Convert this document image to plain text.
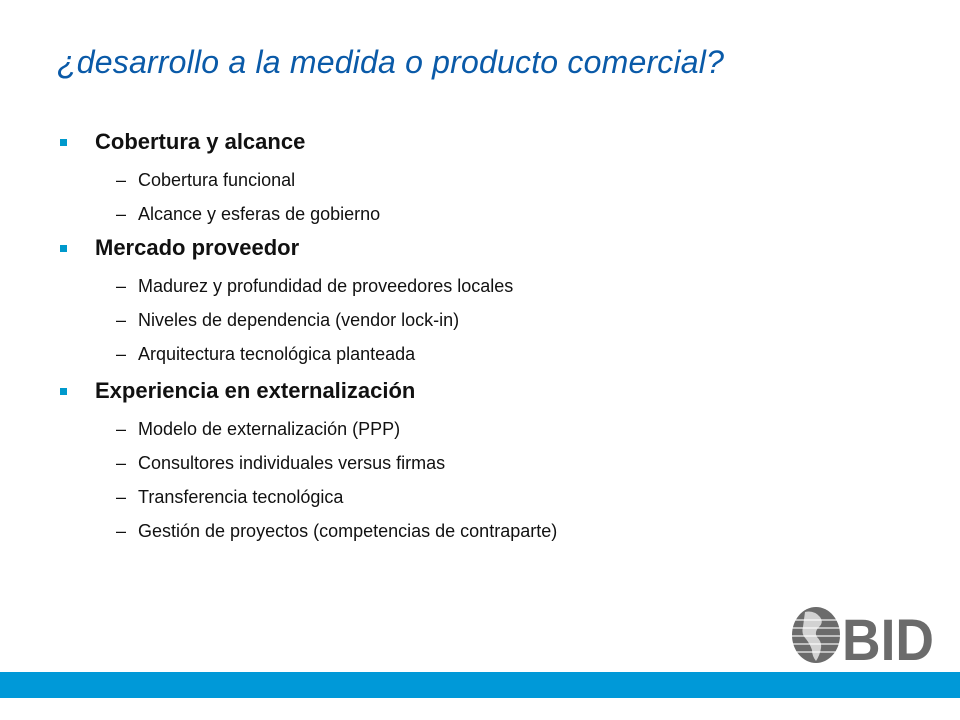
¿desarrollo a la medida o producto comercial?
Cobertura y alcance
– Cobertura funcional
– Alcance y esferas de gobierno
Mercado proveedor
– Madurez y profundidad de proveedores locales
– Niveles de dependencia (vendor lock-in)
– Arquitectura tecnológica planteada
Experiencia en externalización
– Modelo de externalización (PPP)
– Consultores individuales versus firmas
– Transferencia tecnológica
– Gestión de proyectos (competencias de contraparte)
BID
